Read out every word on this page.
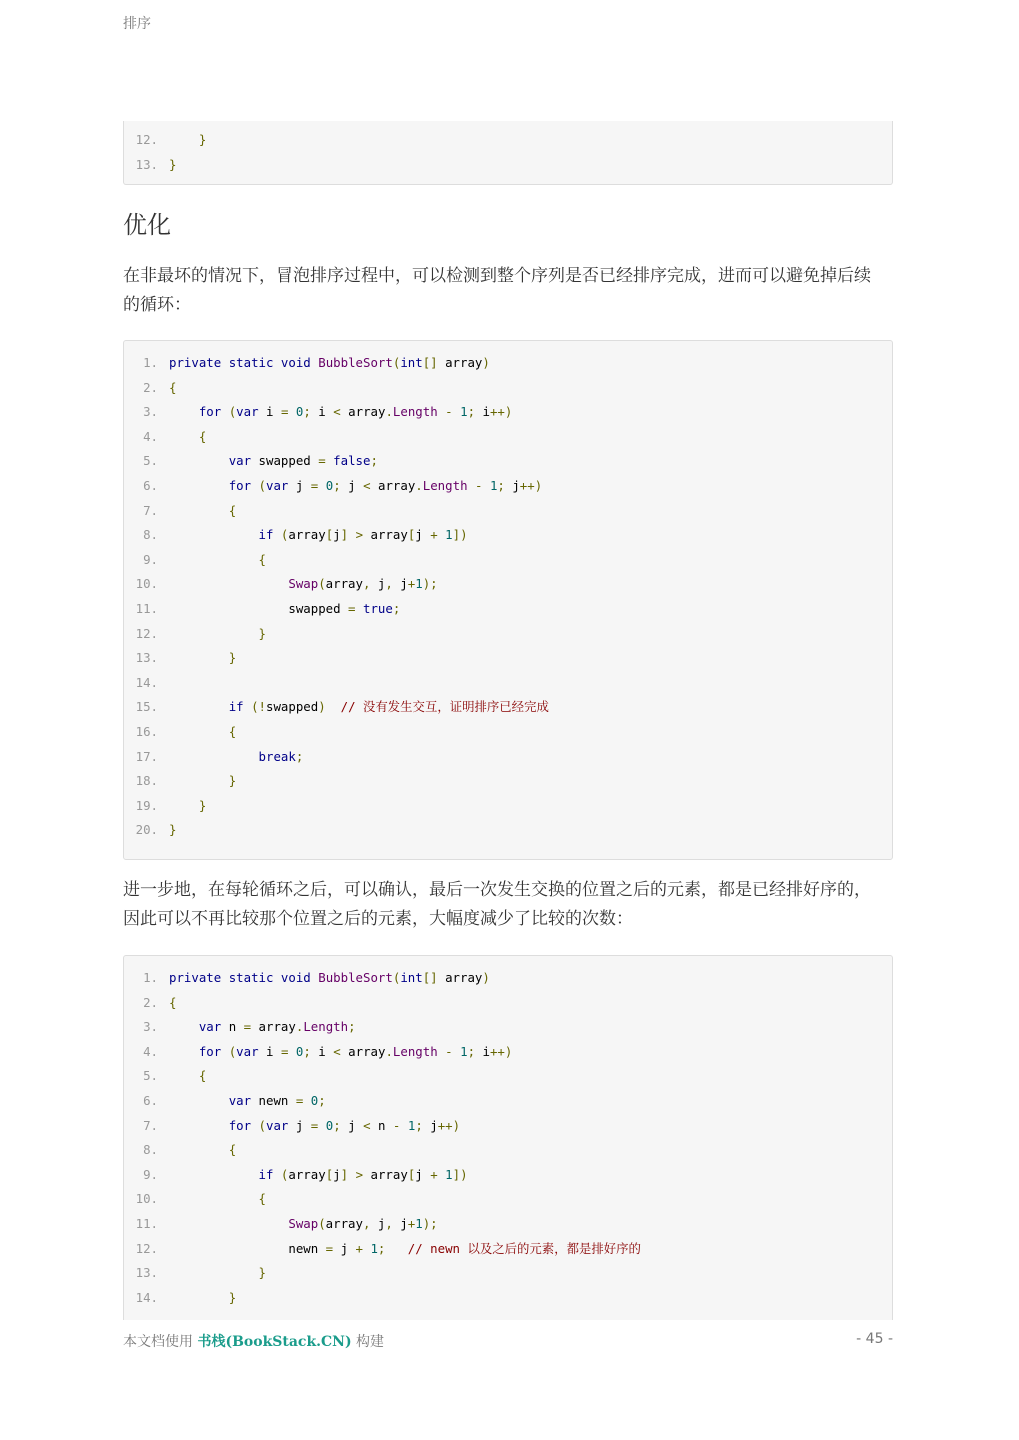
排序
12.	}
13. }
优化

在非最坏的情况下，冒泡排序过程中，可以检测到整个序列是否已经排序完成，进而可以避免掉后续
的循环：

1. private static void BubbleSort(int[] array)
2. {
3.	for (var i = 0; i < array.Length - 1; i++)
4.	{
5.	var swapped = false;
6.	for (var j = 0; j < array.Length - 1; j++)
7.	{
8.	if (array[j] > array[j + 1])
9.	{
10.	Swap(array, j, j+1);
11.                swapped = true;
12.	}
13.	}
14.
15.	if (!swapped) // 没有发生交互，证明排序已经完成
16.	{
17.	break;
18.	}
19.	}
20. }

进一步地，在每轮循环之后，可以确认，最后一次发生交换的位置之后的元素，都是已经排好序的，
因此可以不再比较那个位置之后的元素，大幅度减少了比较的次数：

1. private static void BubbleSort(int[] array)
2. {
3.	var n = array.Length;
4.	for (var i = 0; i < array.Length - 1; i++)
5.	{
6.	var newn = 0;
7.	for (var j = 0; j < n - 1; j++)
8.	{
9.	if (array[j] > array[j + 1])
10.	{
11.	Swap(array, j, j+1);
12.                newn = j + 1; // newn 以及之后的元素，都是排好序的
13.	}
14.	}
本文档使用 书栈(BookStack.CN) 构建	- 45 -
